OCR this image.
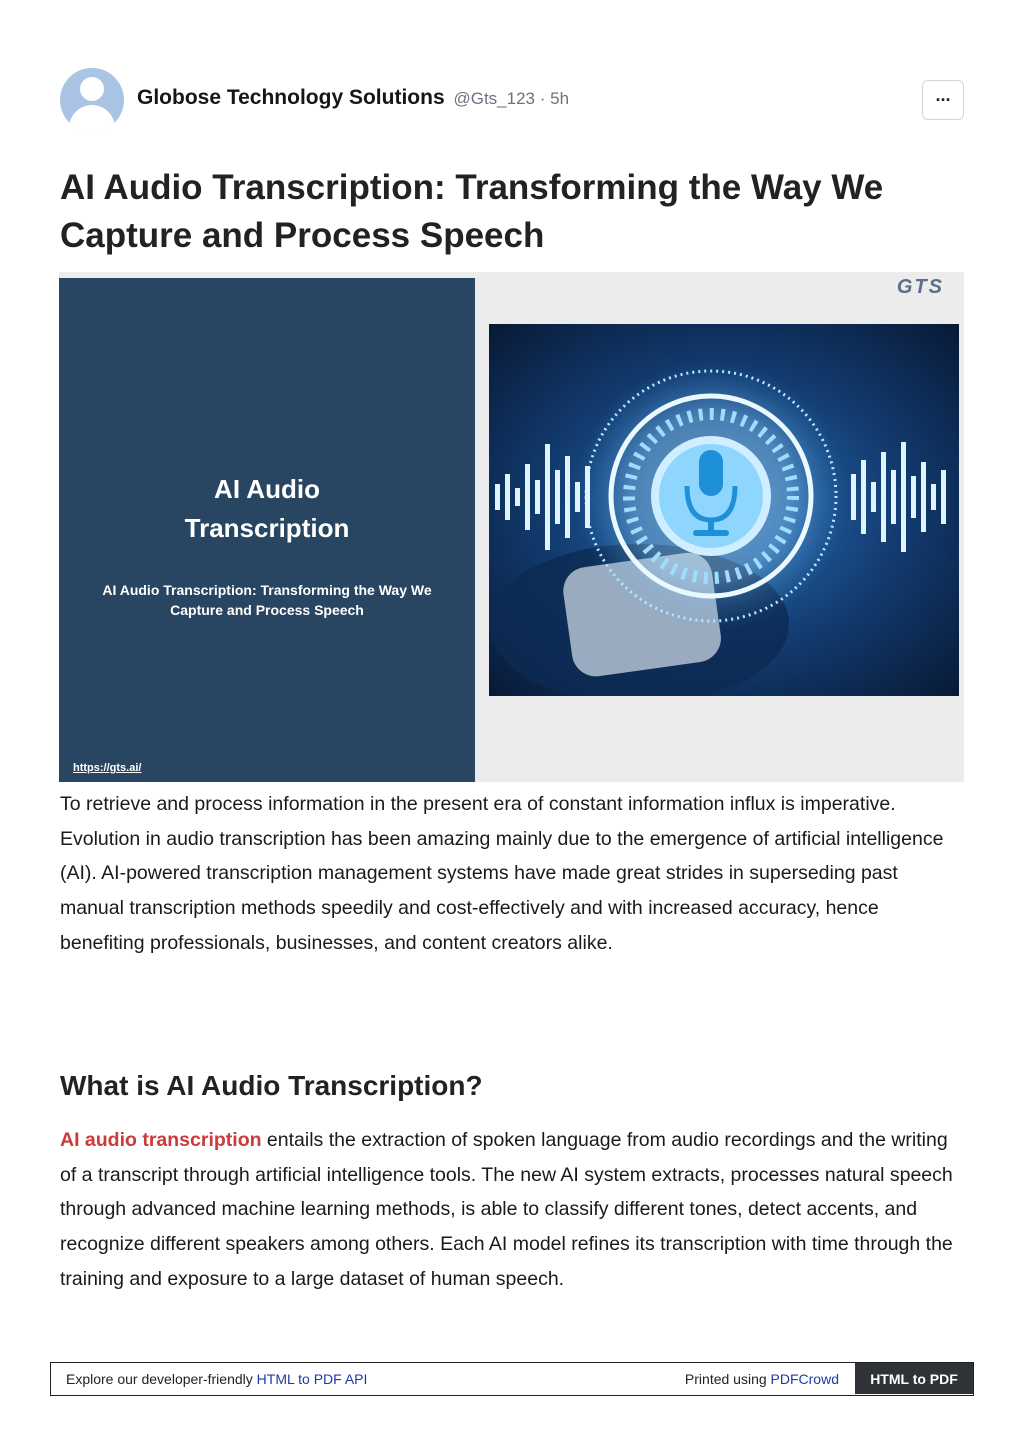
Globose Technology Solutions @Gts_123 · 5h	···
AI Audio Transcription: Transforming the Way We Capture and Process Speech
AI Audio
Transcription
AI Audio Transcription: Transforming the Way We Capture and Process Speech
https://gts.ai/
GTS

To retrieve and process information in the present era of constant information influx is imperative. Evolution in audio transcription has been amazing mainly due to the emergence of artificial intelligence (AI). AI-powered transcription management systems have made great strides in superseding past manual transcription methods speedily and cost-effectively and with increased accuracy, hence benefiting professionals, businesses, and content creators alike.

What is AI Audio Transcription?

AI audio transcription entails the extraction of spoken language from audio recordings and the writing of a transcript through artificial intelligence tools. The new AI system extracts, processes natural speech through advanced machine learning methods, is able to classify different tones, detect accents, and recognize different speakers among others. Each AI model refines its transcription with time through the training and exposure to a large dataset of human speech.

Explore our developer-friendly HTML to PDF API	Printed using PDFCrowd	HTML to PDF
